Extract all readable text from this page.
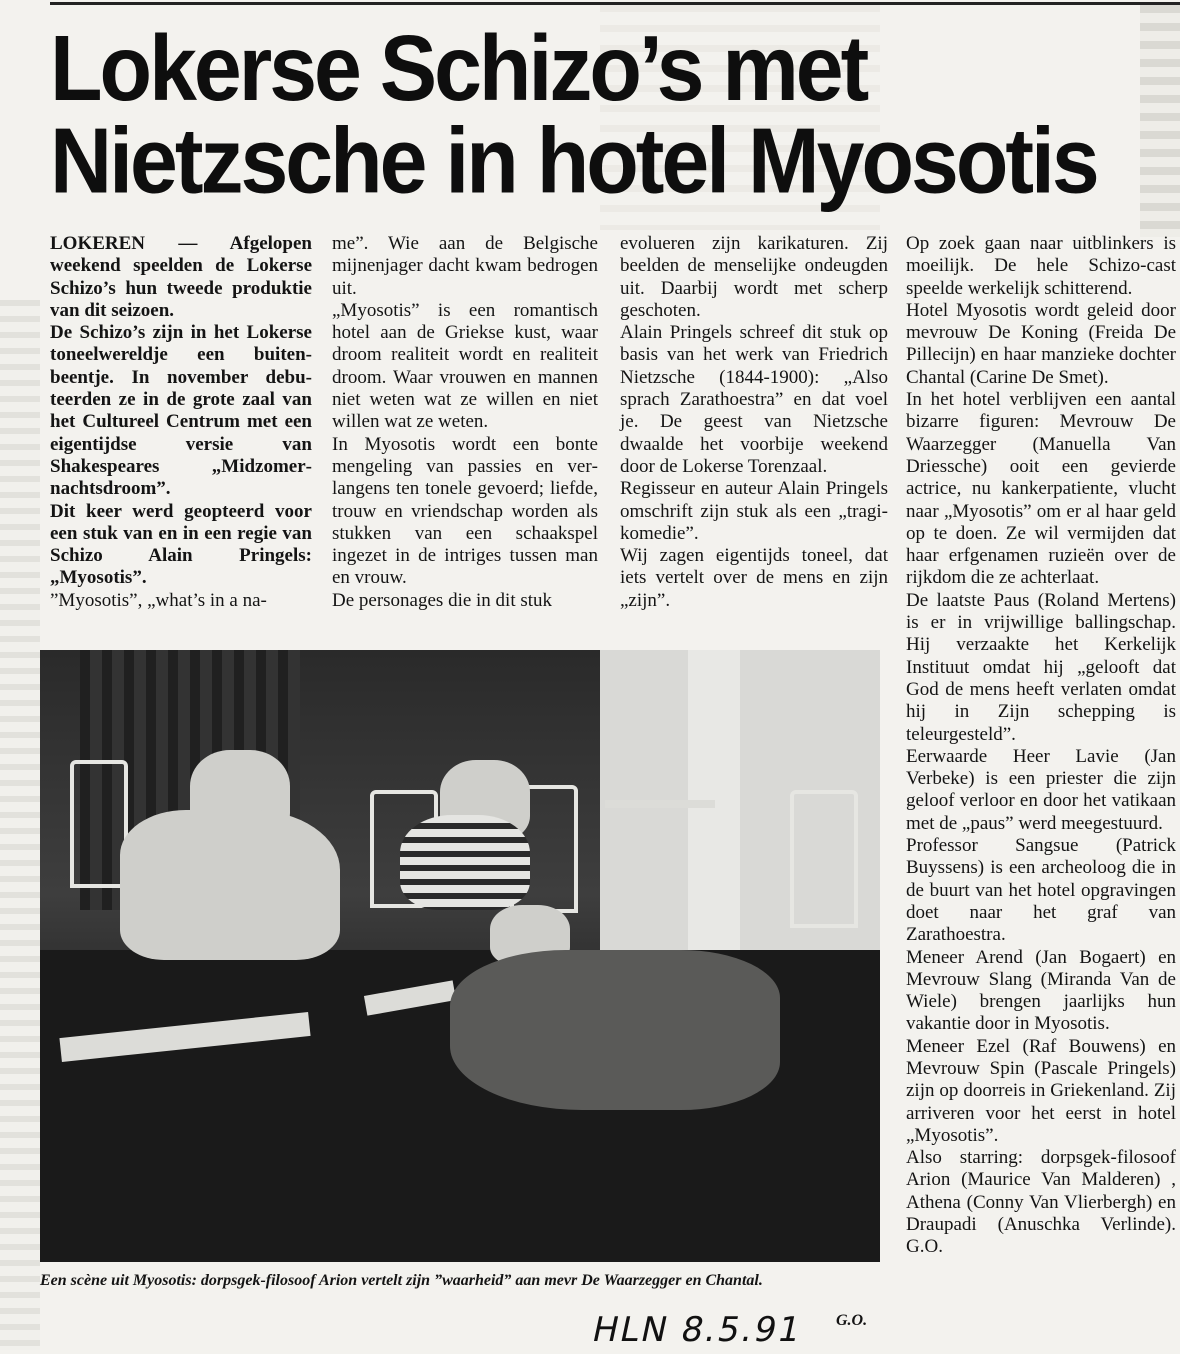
Lokerse Schizo’s met
Nietzsche in hotel Myosotis

LOKEREN — Afgelopen weekend speelden de Lokerse Schizo’s hun tweede produktie van dit seizoen.

De Schizo’s zijn in het Lokerse toneelwereldje een buitenbeentje. In november debuteerden ze in de grote zaal van het Cultureel Centrum met een eigentijdse versie van Shakespeares „Midzomernachtsdroom”.

Dit keer werd geopteerd voor een stuk van en in een regie van Schizo Alain Pringels: „Myosotis”.

”Myosotis”, „what’s in a na-

me”. Wie aan de Belgische mijnenjager dacht kwam bedrogen uit.

„Myosotis” is een romantisch hotel aan de Griekse kust, waar droom realiteit wordt en realiteit droom. Waar vrouwen en mannen niet weten wat ze willen en niet willen wat ze weten.

In Myosotis wordt een bonte mengeling van passies en verlangens ten tonele gevoerd; liefde, trouw en vriendschap worden als stukken van een schaakspel ingezet in de intriges tussen man en vrouw.

De personages die in dit stuk

evolueren zijn karikaturen. Zij beelden de menselijke ondeugden uit. Daarbij wordt met scherp geschoten.

Alain Pringels schreef dit stuk op basis van het werk van Friedrich Nietzsche (1844-1900): „Also sprach Zarathoestra” en dat voel je. De geest van Nietzsche dwaalde het voorbije weekend door de Lokerse Torenzaal.

Regisseur en auteur Alain Pringels omschrift zijn stuk als een „tragi-komedie”.

Wij zagen eigentijds toneel, dat iets vertelt over de mens en zijn „zijn”.

Op zoek gaan naar uitblinkers is moeilijk. De hele Schizo-cast speelde werkelijk schitterend.

Hotel Myosotis wordt geleid door mevrouw De Koning (Freida De Pillecijn) en haar manzieke dochter Chantal (Carine De Smet).

In het hotel verblijven een aantal bizarre figuren: Mevrouw De Waarzegger (Manuella Van Driessche) ooit een gevierde actrice, nu kankerpatiente, vlucht naar „Myosotis” om er al haar geld op te doen. Ze wil vermijden dat haar erfgenamen ruzieën over de rijkdom die ze achterlaat.

De laatste Paus (Roland Mertens) is er in vrijwillige ballingschap. Hij verzaakte het Kerkelijk Instituut omdat hij „gelooft dat God de mens heeft verlaten omdat hij in Zijn schepping is teleurgesteld”.

Eerwaarde Heer Lavie (Jan Verbeke) is een priester die zijn geloof verloor en door het vatikaan met de „paus” werd meegestuurd.

Professor Sangsue (Patrick Buyssens) is een archeoloog die in de buurt van het hotel opgravingen doet naar het graf van Zarathoestra.

Meneer Arend (Jan Bogaert) en Mevrouw Slang (Miranda Van de Wiele) brengen jaarlijks hun vakantie door in Myosotis.

Meneer Ezel (Raf Bouwens) en Mevrouw Spin (Pascale Pringels) zijn op doorreis in Griekenland. Zij arriveren voor het eerst in hotel „Myosotis”.

Also starring: dorpsgek-filosoof Arion (Maurice Van Malderen) , Athena (Conny Van Vlierbergh) en Draupadi (Anuschka Verlinde). G.O.

Een scène uit Myosotis: dorpsgek-filosoof Arion vertelt zijn ”waarheid” aan mevr De Waarzegger en Chantal.

G.O.
HLN 8.5.91
